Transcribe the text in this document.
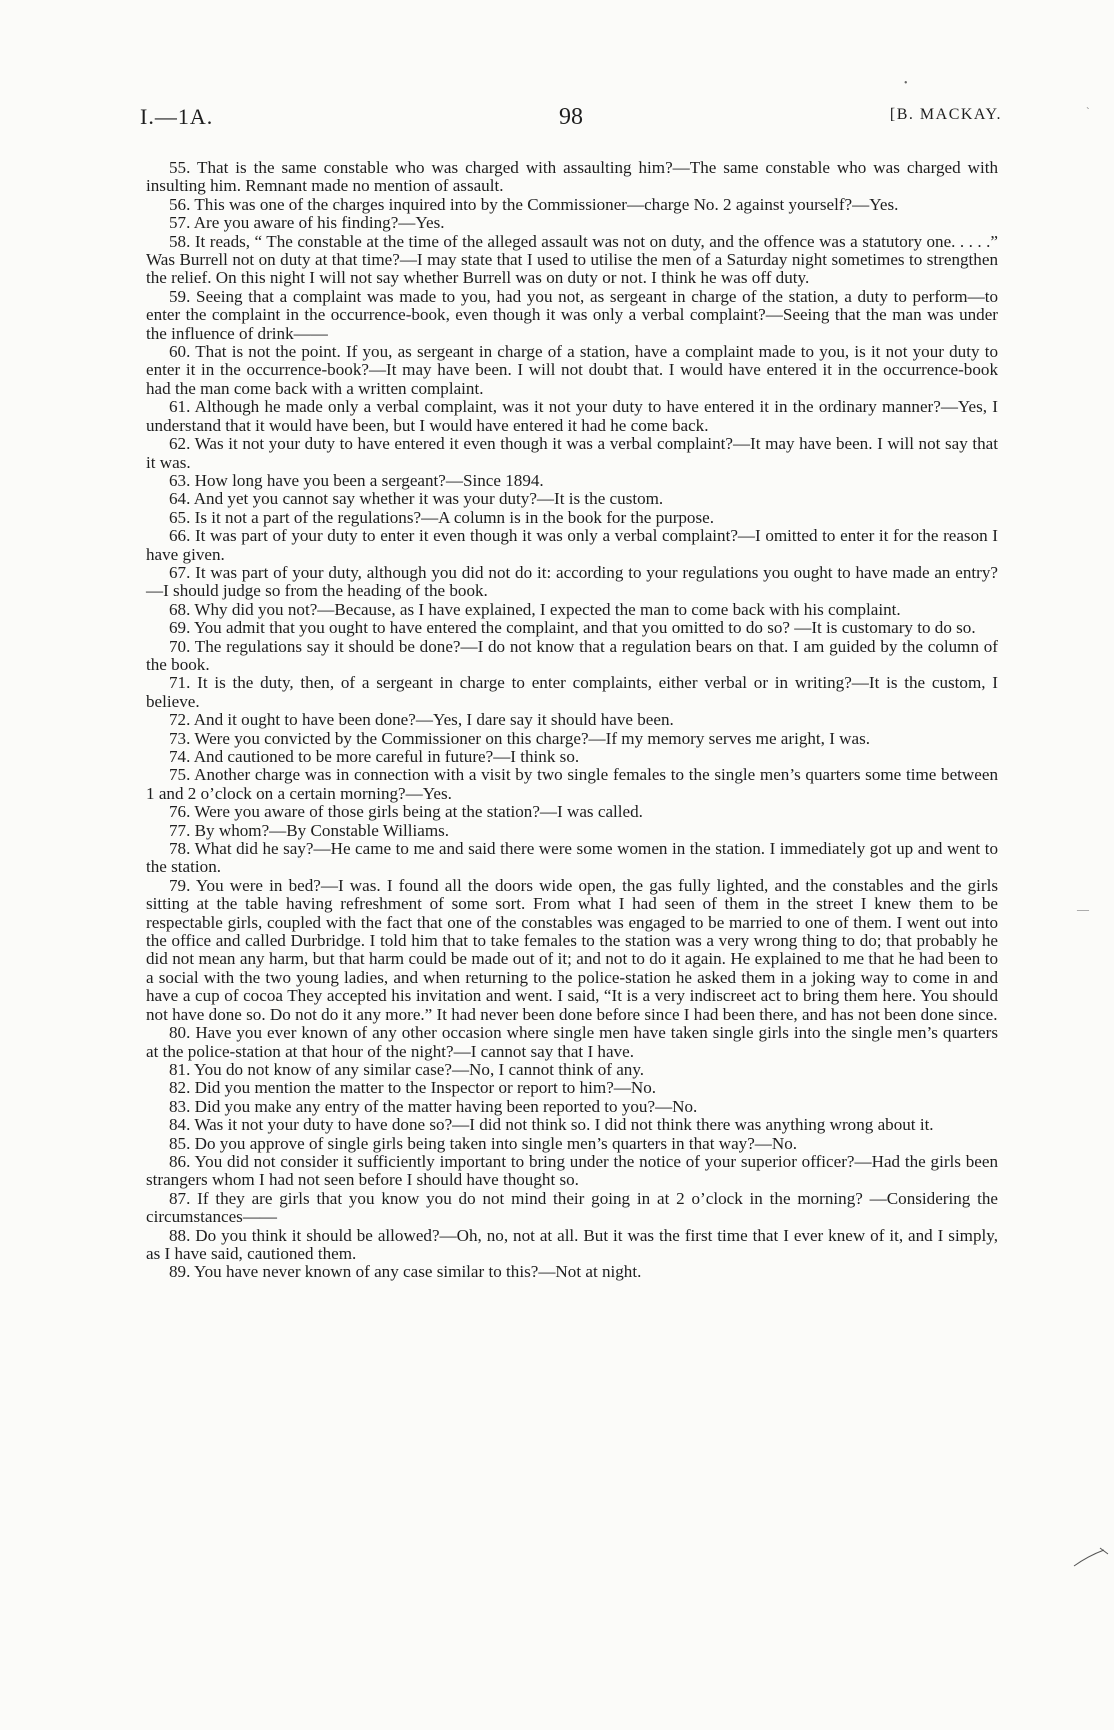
I.—1A.	98	[B. MACKAY.
•
ˋ
—

55. That is the same constable who was charged with assaulting him?—The same constable who was charged with insulting him. Remnant made no mention of assault.

56. This was one of the charges inquired into by the Commissioner—charge No. 2 against yourself?—Yes.

57. Are you aware of his finding?—Yes.

58. It reads, “ The constable at the time of the alleged assault was not on duty, and the offence was a statutory one. . . . .” Was Burrell not on duty at that time?—I may state that I used to utilise the men of a Saturday night sometimes to strengthen the relief. On this night I will not say whether Burrell was on duty or not. I think he was off duty.

59. Seeing that a complaint was made to you, had you not, as sergeant in charge of the station, a duty to perform—to enter the complaint in the occurrence-book, even though it was only a verbal complaint?—Seeing that the man was under the influence of drink——

60. That is not the point. If you, as sergeant in charge of a station, have a complaint made to you, is it not your duty to enter it in the occurrence-book?—It may have been. I will not doubt that. I would have entered it in the occurrence-book had the man come back with a written complaint.

61. Although he made only a verbal complaint, was it not your duty to have entered it in the ordinary manner?—Yes, I understand that it would have been, but I would have entered it had he come back.

62. Was it not your duty to have entered it even though it was a verbal complaint?—It may have been. I will not say that it was.

63. How long have you been a sergeant?—Since 1894.

64. And yet you cannot say whether it was your duty?—It is the custom.

65. Is it not a part of the regulations?—A column is in the book for the purpose.

66. It was part of your duty to enter it even though it was only a verbal complaint?—I omitted to enter it for the reason I have given.

67. It was part of your duty, although you did not do it: according to your regulations you ought to have made an entry?—I should judge so from the heading of the book.

68. Why did you not?—Because, as I have explained, I expected the man to come back with his complaint.

69. You admit that you ought to have entered the complaint, and that you omitted to do so? —It is customary to do so.

70. The regulations say it should be done?—I do not know that a regulation bears on that. I am guided by the column of the book.

71. It is the duty, then, of a sergeant in charge to enter complaints, either verbal or in writing?—It is the custom, I believe.

72. And it ought to have been done?—Yes, I dare say it should have been.

73. Were you convicted by the Commissioner on this charge?—If my memory serves me aright, I was.

74. And cautioned to be more careful in future?—I think so.

75. Another charge was in connection with a visit by two single females to the single men’s quarters some time between 1 and 2 o’clock on a certain morning?—Yes.

76. Were you aware of those girls being at the station?—I was called.

77. By whom?—By Constable Williams.

78. What did he say?—He came to me and said there were some women in the station. I immediately got up and went to the station.

79. You were in bed?—I was. I found all the doors wide open, the gas fully lighted, and the constables and the girls sitting at the table having refreshment of some sort. From what I had seen of them in the street I knew them to be respectable girls, coupled with the fact that one of the constables was engaged to be married to one of them. I went out into the office and called Durbridge. I told him that to take females to the station was a very wrong thing to do; that probably he did not mean any harm, but that harm could be made out of it; and not to do it again. He explained to me that he had been to a social with the two young ladies, and when returning to the police-station he asked them in a joking way to come in and have a cup of cocoa They accepted his invitation and went. I said, “It is a very indiscreet act to bring them here. You should not have done so. Do not do it any more.” It had never been done before since I had been there, and has not been done since.

80. Have you ever known of any other occasion where single men have taken single girls into the single men’s quarters at the police-station at that hour of the night?—I cannot say that I have.

81. You do not know of any similar case?—No, I cannot think of any.

82. Did you mention the matter to the Inspector or report to him?—No.

83. Did you make any entry of the matter having been reported to you?—No.

84. Was it not your duty to have done so?—I did not think so. I did not think there was anything wrong about it.

85. Do you approve of single girls being taken into single men’s quarters in that way?—No.

86. You did not consider it sufficiently important to bring under the notice of your superior officer?—Had the girls been strangers whom I had not seen before I should have thought so.

87. If they are girls that you know you do not mind their going in at 2 o’clock in the morning? —Considering the circumstances——

88. Do you think it should be allowed?—Oh, no, not at all. But it was the first time that I ever knew of it, and I simply, as I have said, cautioned them.

89. You have never known of any case similar to this?—Not at night.
